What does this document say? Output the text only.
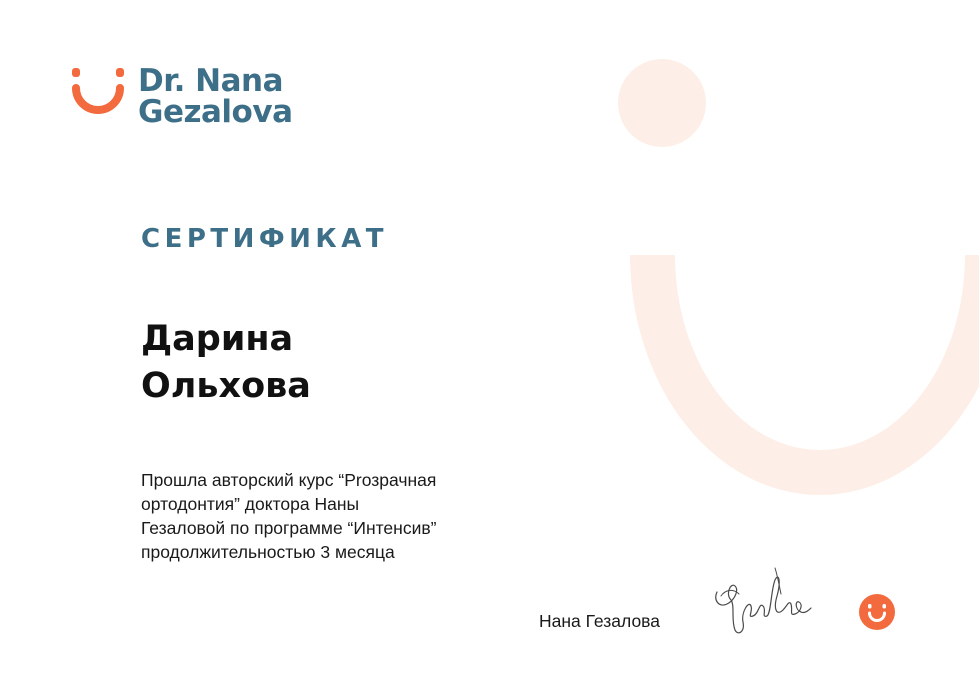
Dr. Nana
Gezalova
СЕРТИФИКАТ
Дарина
Ольхова
Прошла авторский курс “Prозрачная
ортодонтия” доктора Наны
Гезаловой по программе “Интенсив”
продолжительностью 3 месяца
Нана Гезалова
